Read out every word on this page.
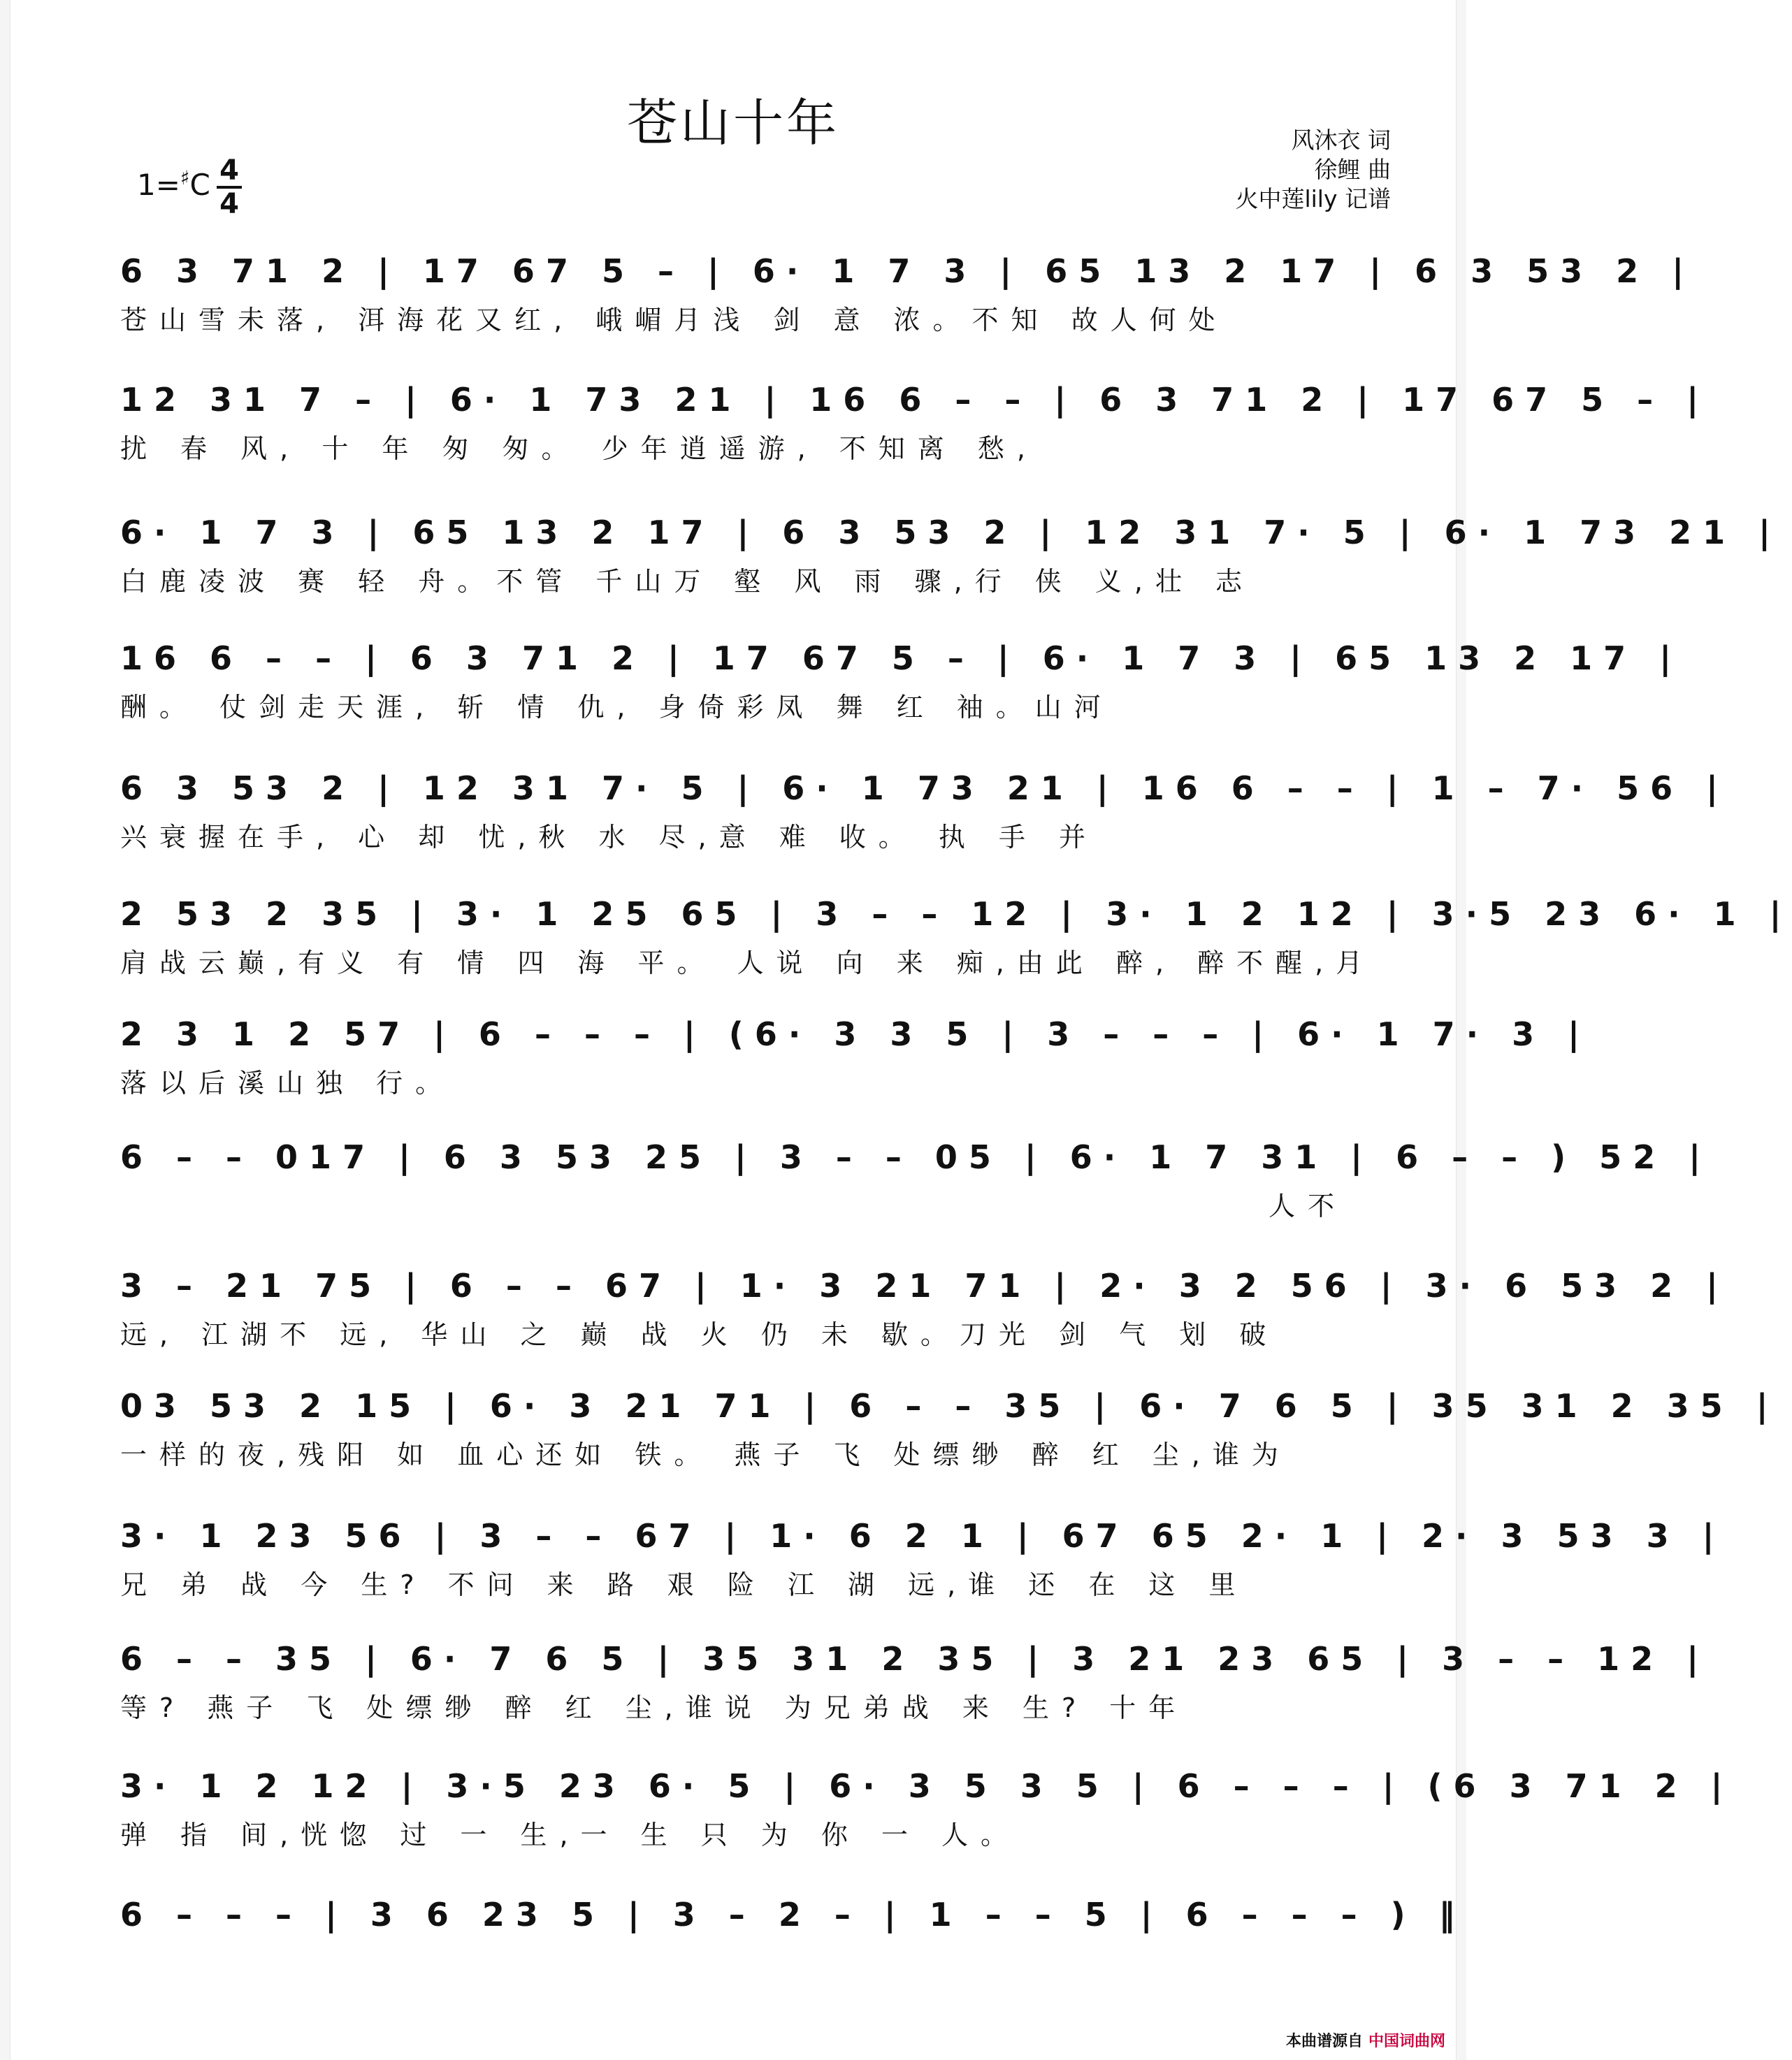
苍山十年	风沐衣 词
徐鲤 曲
火中莲lily 记谱
$1=^♯C \frac{4}{4}$
6 3 71 2 | 17 67 5 – | 6· 1 7 3 | 65 13 2 17 | 6 3 53 2 |
苍山雪未落, 洱海花又红, 峨嵋月浅 剑 意 浓。不知 故人何处
12 31 7 – | 6· 1 73 21 | 16 6 – – | 6 3 71 2 | 17 67 5 – |
扰 春 风, 十 年 匆 匆。 少年逍遥游, 不知离 愁,
6· 1 7 3 | 65 13 2 17 | 6 3 53 2 | 12 31 7· 5 | 6· 1 73 21 |
白鹿凌波 赛 轻 舟。不管 千山万 壑 风 雨 骤,行 侠 义,壮 志
16 6 – – | 6 3 71 2 | 17 67 5 – | 6· 1 7 3 | 65 13 2 17 |
酬。 仗剑走天涯, 斩 情 仇, 身倚彩凤 舞 红 袖。山河
6 3 53 2 | 12 31 7· 5 | 6· 1 73 21 | 16 6 – – | 1 – 7· 56 |
兴衰握在手, 心 却 忧,秋 水 尽,意 难 收。 执 手 并
2 53 2 35 | 3· 1 25 65 | 3 – – 12 | 3· 1 2 12 | 3·5 23 6· 1 |
肩战云巅,有义 有 情 四 海 平。 人说 向 来 痴,由此 醉, 醉不醒,月
2 3 1 2 57 | 6 – – – | (6· 3 3 5 | 3 – – – | 6· 1 7· 3 |
落以后溪山独 行。
6 – – 017 | 6 3 53 25 | 3 – – 05 | 6· 1 7 31 | 6 – – ) 52 |
人不
3 – 21 75 | 6 – – 67 | 1· 3 21 71 | 2· 3 2 56 | 3· 6 53 2 |
远, 江湖不 远, 华山 之 巅 战 火 仍 未 歇。刀光 剑 气 划 破
03 53 2 15 | 6· 3 21 71 | 6 – – 35 | 6· 7 6 5 | 35 31 2 35 |
一样的夜,残阳 如 血心还如 铁。 燕子 飞 处缥缈 醉 红 尘,谁为
3· 1 23 56 | 3 – – 67 | 1· 6 2 1 | 67 65 2· 1 | 2· 3 53 3 |
兄 弟 战 今 生? 不问 来 路 艰 险 江 湖 远,谁 还 在 这 里
6 – – 35 | 6· 7 6 5 | 35 31 2 35 | 3 21 23 65 | 3 – – 12 |
等? 燕子 飞 处缥缈 醉 红 尘,谁说 为兄弟战 来 生? 十年
3· 1 2 12 | 3·5 23 6· 5 | 6· 3 5 3 5 | 6 – – – | (6 3 71 2 |
弹 指 间,恍惚 过 一 生,一 生 只 为 你 一 人。
6 – – – | 3 6 23 5 | 3 – 2 – | 1 – – 5 | 6 – – – ) ‖
本曲谱源自 中国词曲网
